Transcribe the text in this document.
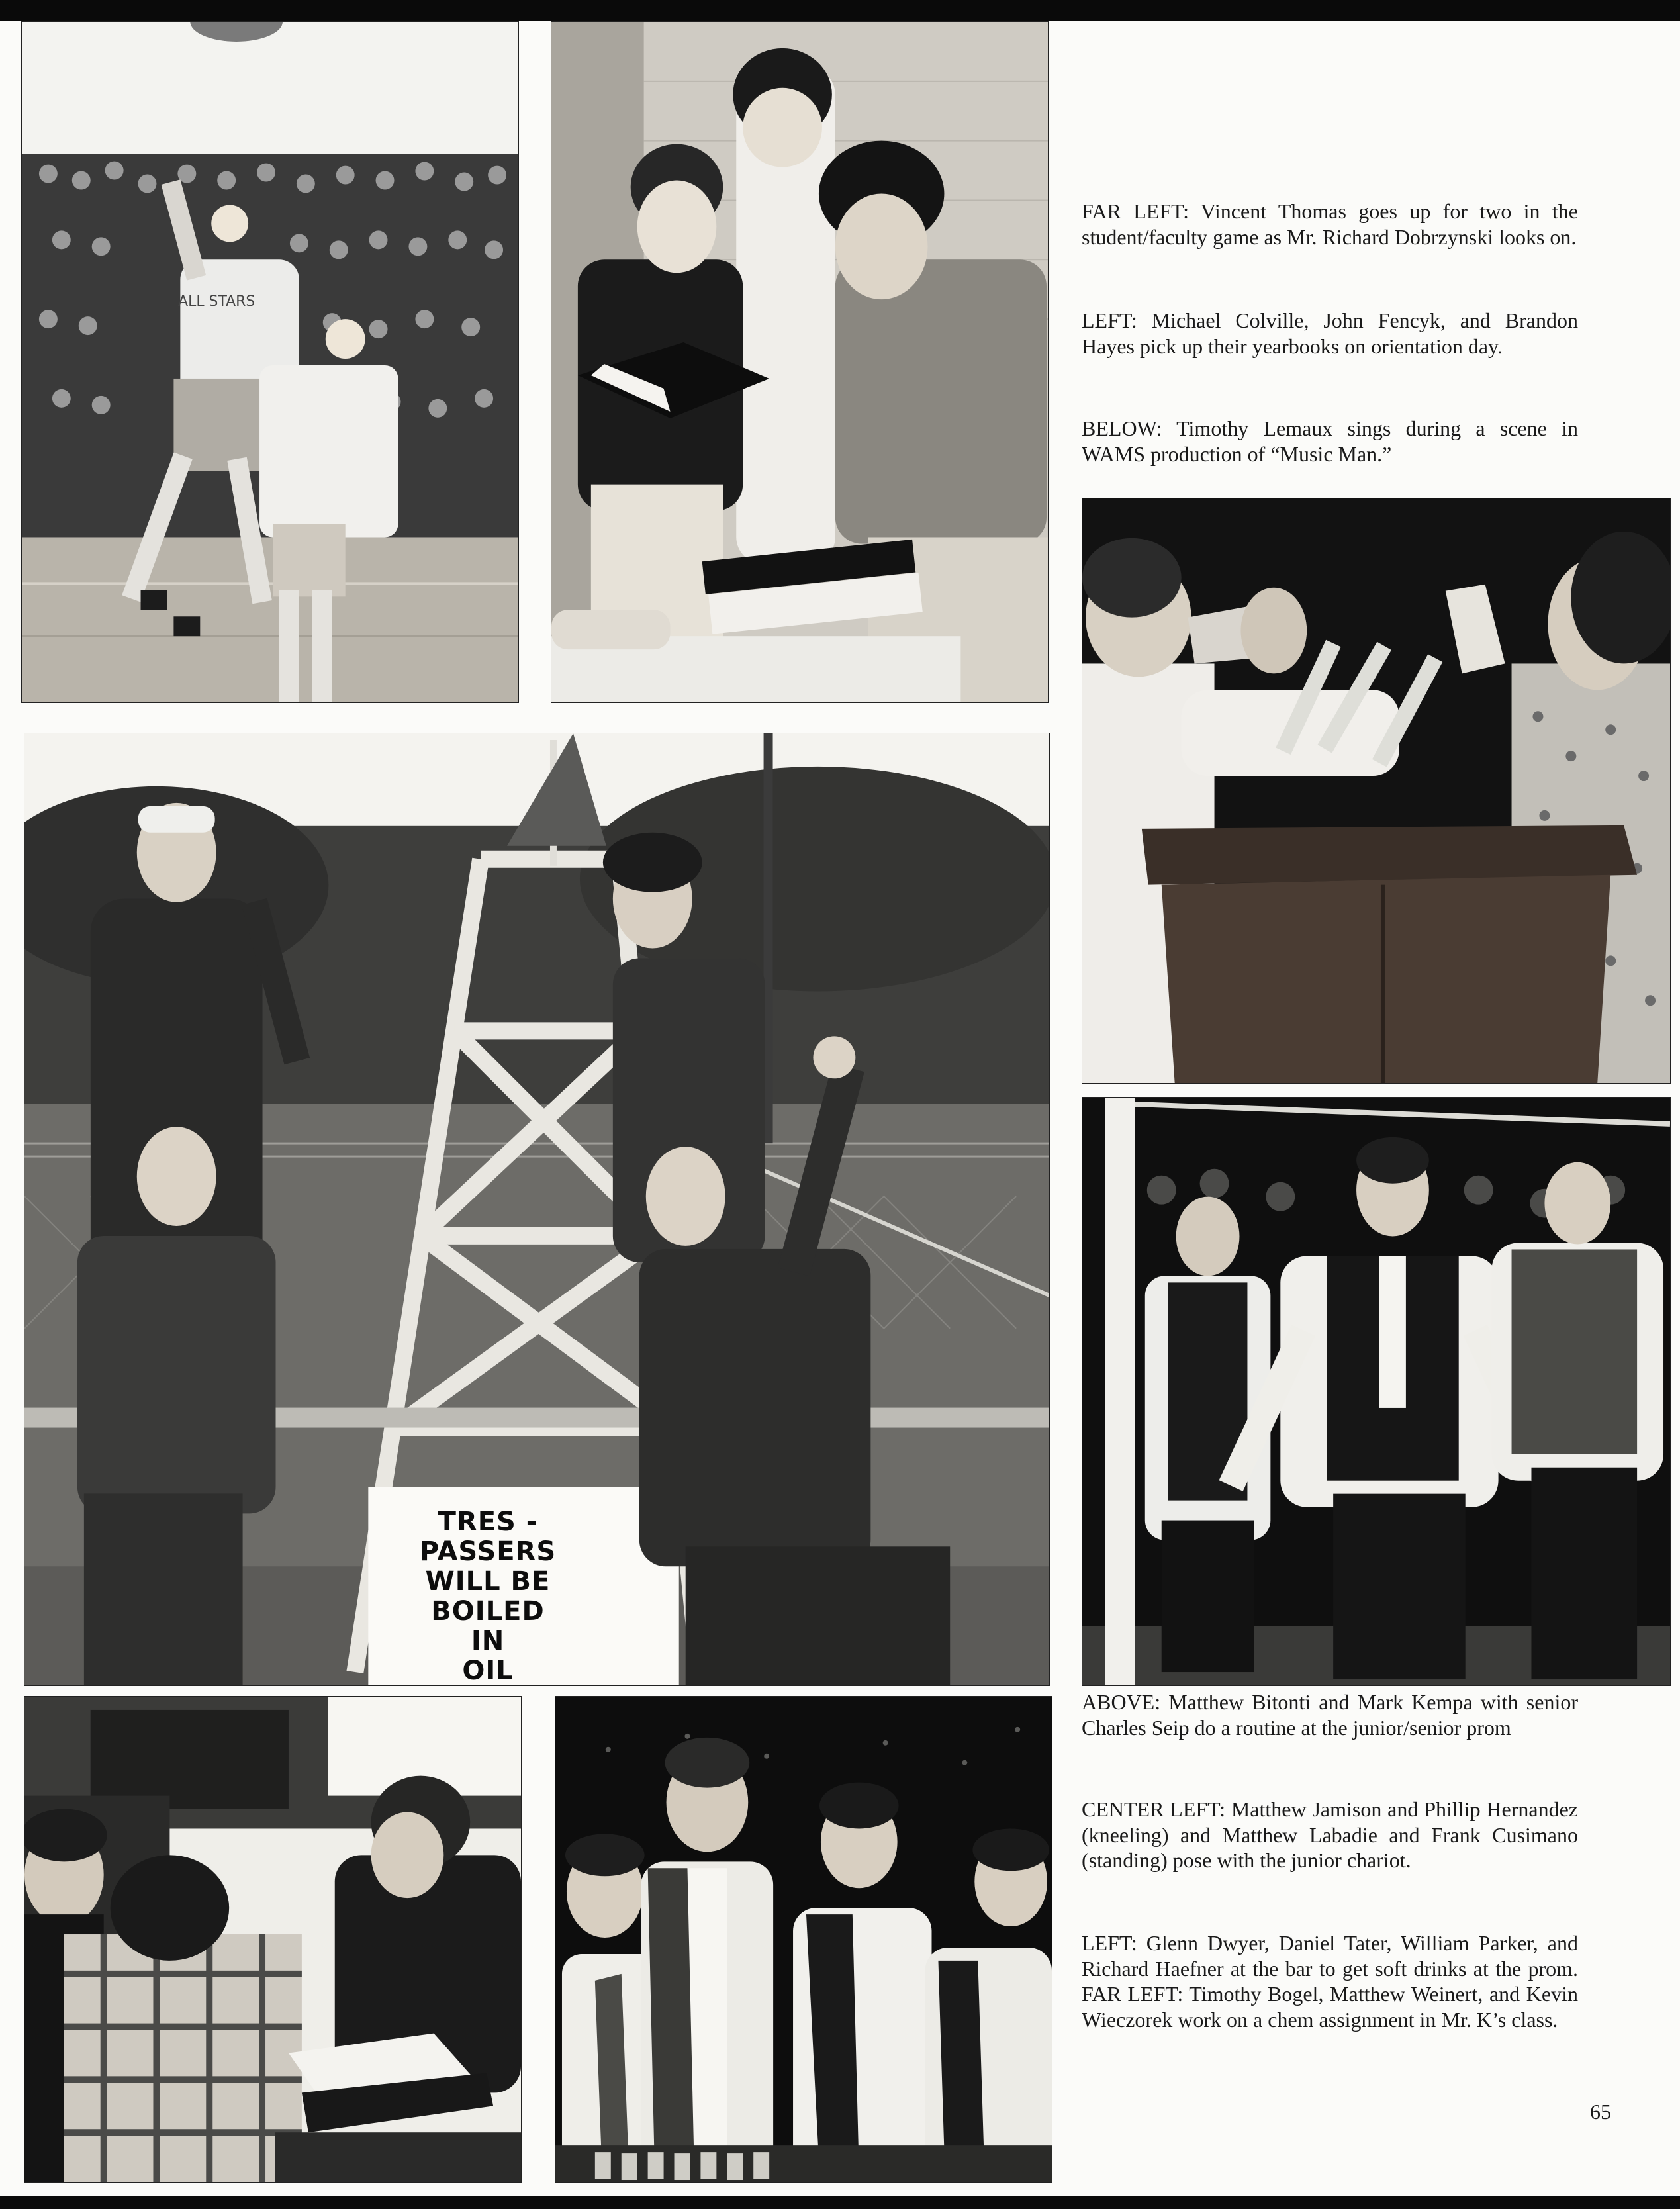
ALL STARS
TRES -
PASSERS
WILL BE
BOILED
IN
OIL

FAR LEFT: Vincent Thomas goes up for two in the student/faculty game as Mr. Richard Dobrzynski looks on.

LEFT: Michael Colville, John Fencyk, and Brandon Hayes pick up their yearbooks on orientation day.

BELOW: Timothy Lemaux sings during a scene in WAMS production of “Music Man.”

ABOVE: Matthew Bitonti and Mark Kempa with senior Charles Seip do a routine at the junior/senior prom

CENTER LEFT: Matthew Jamison and Phillip Hernandez (kneeling) and Matthew Labadie and Frank Cusimano (standing) pose with the junior chariot.

LEFT: Glenn Dwyer, Daniel Tater, William Parker, and Richard Haefner at the bar to get soft drinks at the prom. FAR LEFT: Timothy Bogel, Matthew Weinert, and Kevin Wieczorek work on a chem assignment in Mr. K’s class.

65
